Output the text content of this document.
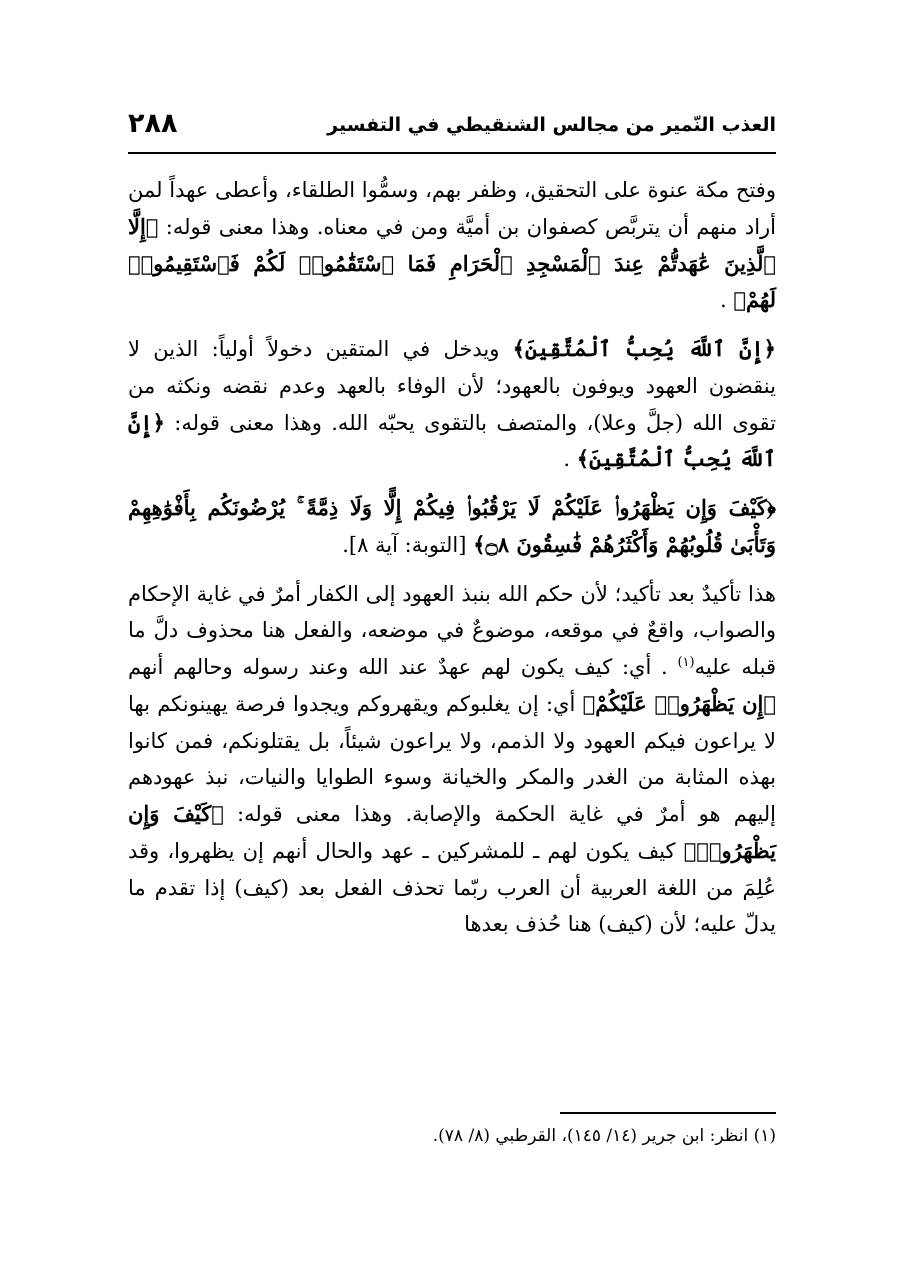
٢٨٨	العذب النّمير من مجالس الشنقيطي في التفسير

وفتح مكة عنوة على التحقيق، وظفر بهم، وسمُّوا الطلقاء، وأعطى عهداً لمن أراد منهم أن يتربَّص كصفوان بن أميَّة ومن في معناه. وهذا معنى قوله: ﴿إِلَّا ٱلَّذِينَ عَٰهَدتُّمْ عِندَ ٱلْمَسْجِدِ ٱلْحَرَامِ فَمَا ٱسْتَقَٰمُوا۟ لَكُمْ فَٱسْتَقِيمُوا۟ لَهُمْ﴾ .

﴿إِنَّ ٱللَّهَ يُحِبُّ ٱلْمُتَّقِينَ﴾ ويدخل في المتقين دخولاً أولياً: الذين لا ينقضون العهود ويوفون بالعهود؛ لأن الوفاء بالعهد وعدم نقضه ونكثه من تقوى الله (جلَّ وعلا)، والمتصف بالتقوى يحبّه الله. وهذا معنى قوله: ﴿إِنَّ ٱللَّهَ يُحِبُّ ٱلْمُتَّقِينَ﴾ .

﴿كَيْفَ وَإِن يَظْهَرُوا۟ عَلَيْكُمْ لَا يَرْقُبُوا۟ فِيكُمْ إِلًّا وَلَا ذِمَّةً ۚ يُرْضُونَكُم بِأَفْوَٰهِهِمْ وَتَأْبَىٰ قُلُوبُهُمْ وَأَكْثَرُهُمْ فَٰسِقُونَ ۝٨﴾ [التوبة: آية ٨].

هذا تأكيدٌ بعد تأكيد؛ لأن حكم الله بنبذ العهود إلى الكفار أمرٌ في غاية الإحكام والصواب، واقعٌ في موقعه، موضوعٌ في موضعه، والفعل هنا محذوف دلَّ ما قبله عليه$^{(١)}$ . أي: كيف يكون لهم عهدٌ عند الله وعند رسوله وحالهم أنهم ﴿إِن يَظْهَرُوا۟ عَلَيْكُمْ﴾ أي: إن يغلبوكم ويقهروكم ويجدوا فرصة يهينونكم بها لا يراعون فيكم العهود ولا الذمم، ولا يراعون شيئاً، بل يقتلونكم، فمن كانوا بهذه المثابة من الغدر والمكر والخيانة وسوء الطوايا والنيات، نبذ عهودهم إليهم هو أمرٌ في غاية الحكمة والإصابة. وهذا معنى قوله: ﴿كَيْفَ وَإِن يَظْهَرُوا۟﴾ كيف يكون لهم ـ للمشركين ـ عهد والحال أنهم إن يظهروا، وقد عُلِمَ من اللغة العربية أن العرب ربّما تحذف الفعل بعد (كيف) إذا تقدم ما يدلّ عليه؛ لأن (كيف) هنا حُذف بعدها

(١) انظر: ابن جرير (١٤/ ١٤٥)، القرطبي (٨/ ٧٨).
